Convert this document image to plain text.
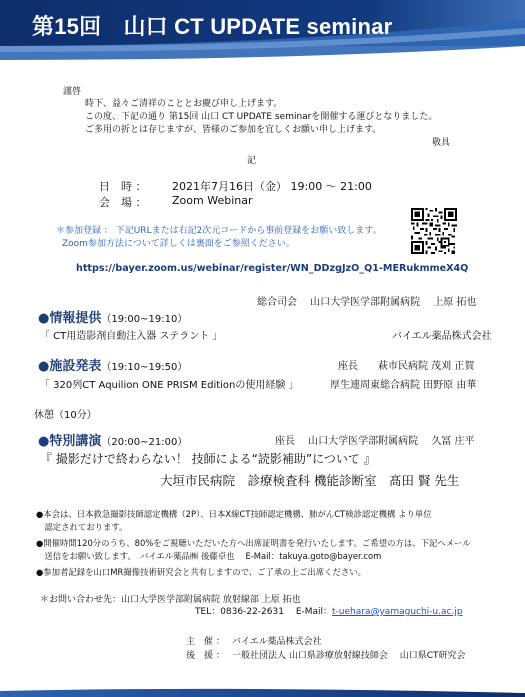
第15回　山口 CT UPDATE seminar
謹啓
時下、益々ご清祥のこととお慶び申し上げます。
この度、下記の通り 第15回 山口 CT UPDATE seminarを開催する運びとなりました。
ご多用の折とは存じますが、皆様のご参加を宜しくお願い申し上げます。
敬具
記
日　時 ： 2021年7月16日（金） 19:00 ～ 21:00
会　場 ： Zoom Webinar
＊参加登録 ： 下記URLまたは右記2次元コードから事前登録をお願い致します。
Zoom参加方法について詳しくは裏面をご参照ください。
https://bayer.zoom.us/webinar/register/WN_DDzgJzO_Q1-MERukmmeX4Q
総合司会　 山口大学医学部附属病院　 上原 拓也
●情報提供（19:00~19:10）
「 CT用造影剤自動注入器 ステラント 」	バイエル薬品株式会社
●施設発表（19:10~19:50）	座長　　萩市民病院 茂刈 正賀
「 320列CT Aquilion ONE PRISM Editionの使用経験 」	厚生連周東総合病院 田野原 由華
休憩（10分）
●特別講演（20:00~21:00）	座長　 山口大学医学部附属病院　 久冨 庄平
『 撮影だけで終わらない！ 技師による“読影補助”について 』
大垣市民病院　診療検査科 機能診断室　髙田 賢 先生
●本会は、日本救急撮影技師認定機構（2P）、日本X線CT技師認定機構、肺がんCT検診認定機構 より単位
　認定されております。
●開催時間120分のうち、80%をご視聴いただいた方へ出席証明書を発行いたします。ご希望の方は、下記へメール
　送信をお願い致します。　バイエル薬品㈱ 後藤卓也　 E-Mail：takuya.goto@bayer.com
●参加者記録を山口MR撮像技術研究会と共有しますので、ご了承の上ご出席ください。
＊お問い合わせ先：山口大学医学部附属病院 放射線部 上原 拓也
TEL：0836-22-2631　 E-Mail：t-uehara@yamaguchi-u.ac.jp
主　催 ： バイエル薬品株式会社
後　援 ： 一般社団法人 山口県診療放射線技師会　 山口県CT研究会
